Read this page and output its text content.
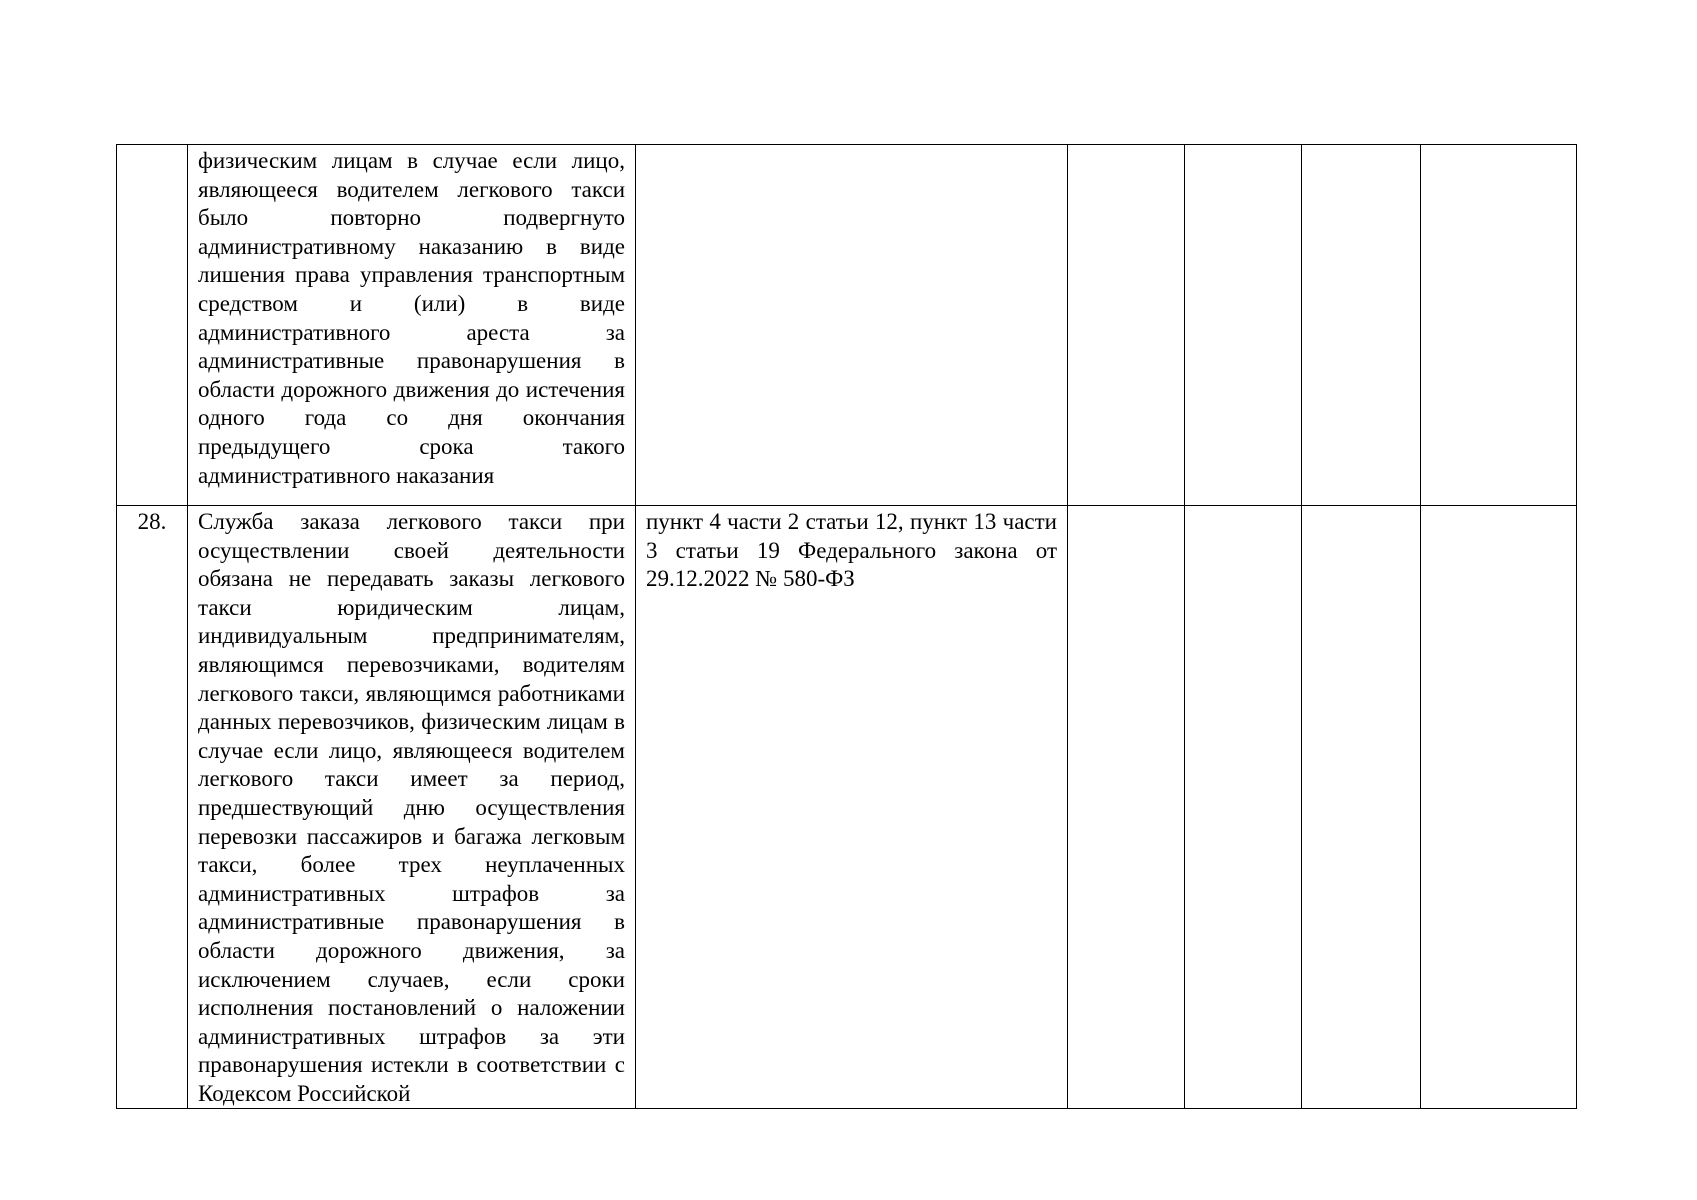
	физическим лицам в случае если лицо, являющееся водителем легкового такси было повторно подвергнуто административному наказанию в виде лишения права управления транспортным средством и (или) в виде административного ареста за административные правонарушения в области дорожного движения до истечения одного года со дня окончания предыдущего срока такого административного наказания					

28.	Служба заказа легкового такси при осуществлении своей деятельности обязана не передавать заказы легкового такси юридическим лицам, индивидуальным предпринимателям, являющимся перевозчиками, водителям легкового такси, являющимся работниками данных перевозчиков, физическим лицам в случае если лицо, являющееся водителем легкового такси имеет за период, предшествующий дню осуществления перевозки пассажиров и багажа легковым такси, более трех неуплаченных административных штрафов за административные правонарушения в области дорожного движения, за исключением случаев, если сроки исполнения постановлений о наложении административных штрафов за эти правонарушения истекли в соответствии с Кодексом Российской	пункт 4 части 2 статьи 12, пункт 13 части 3 статьи 19 Федерального закона от 29.12.2022 № 580-ФЗ				
